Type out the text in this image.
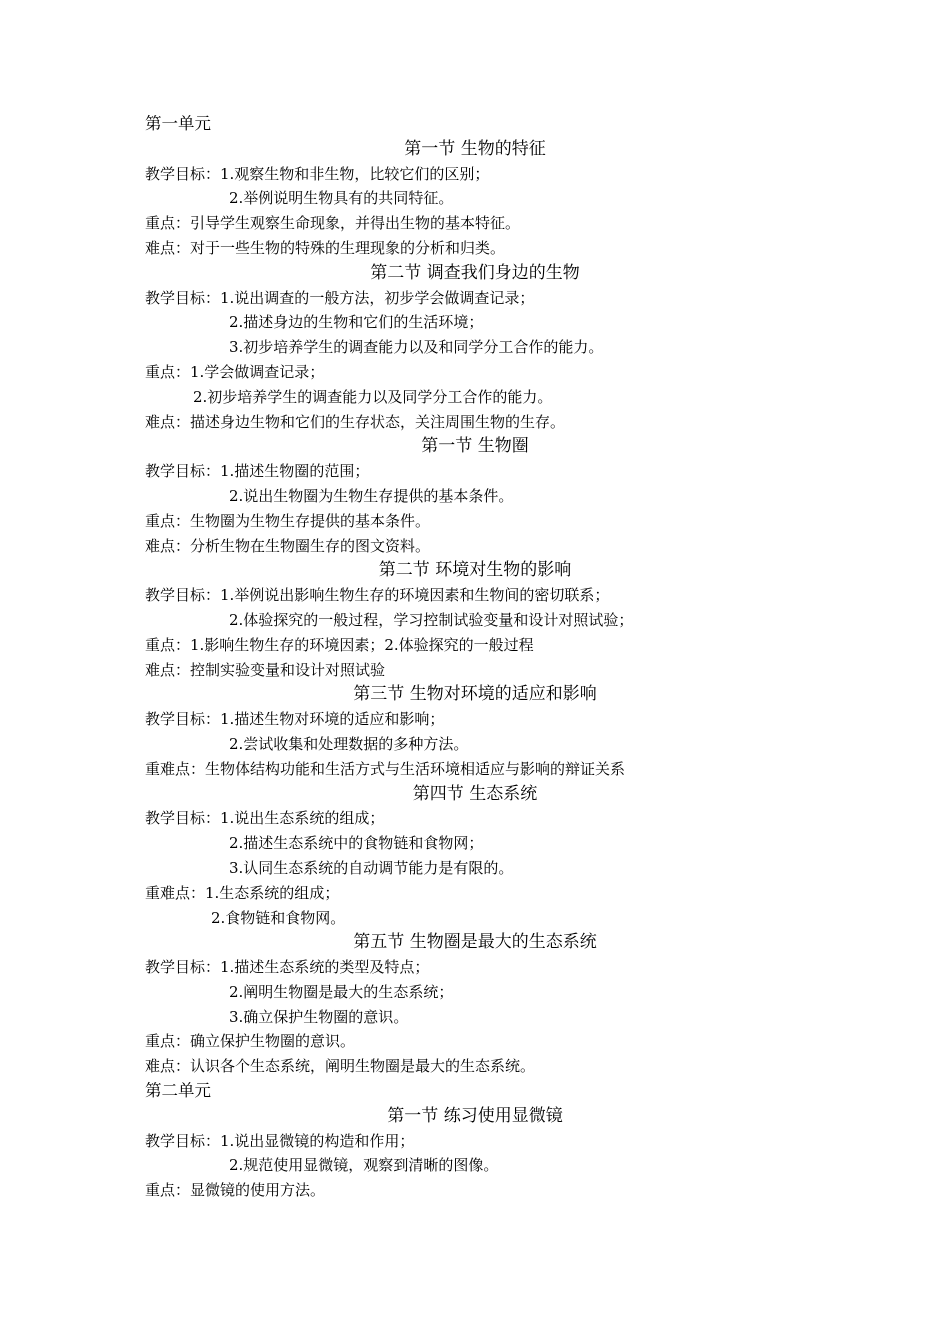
第一单元
第一节 生物的特征
教学目标：1.观察生物和非生物，比较它们的区别；
2.举例说明生物具有的共同特征。
重点：引导学生观察生命现象，并得出生物的基本特征。
难点：对于一些生物的特殊的生理现象的分析和归类。
第二节 调查我们身边的生物
教学目标：1.说出调查的一般方法，初步学会做调查记录；
2.描述身边的生物和它们的生活环境；
3.初步培养学生的调查能力以及和同学分工合作的能力。
重点：1.学会做调查记录；
2.初步培养学生的调查能力以及同学分工合作的能力。
难点：描述身边生物和它们的生存状态，关注周围生物的生存。
第一节 生物圈
教学目标：1.描述生物圈的范围；
2.说出生物圈为生物生存提供的基本条件。
重点：生物圈为生物生存提供的基本条件。
难点：分析生物在生物圈生存的图文资料。
第二节 环境对生物的影响
教学目标：1.举例说出影响生物生存的环境因素和生物间的密切联系；
2.体验探究的一般过程，学习控制试验变量和设计对照试验；
重点：1.影响生物生存的环境因素；2.体验探究的一般过程
难点：控制实验变量和设计对照试验
第三节 生物对环境的适应和影响
教学目标：1.描述生物对环境的适应和影响；
2.尝试收集和处理数据的多种方法。
重难点：生物体结构功能和生活方式与生活环境相适应与影响的辩证关系
第四节 生态系统
教学目标：1.说出生态系统的组成；
2.描述生态系统中的食物链和食物网；
3.认同生态系统的自动调节能力是有限的。
重难点：1.生态系统的组成；
2.食物链和食物网。
第五节 生物圈是最大的生态系统
教学目标：1.描述生态系统的类型及特点；
2.阐明生物圈是最大的生态系统；
3.确立保护生物圈的意识。
重点：确立保护生物圈的意识。
难点：认识各个生态系统，阐明生物圈是最大的生态系统。
第二单元
第一节 练习使用显微镜
教学目标：1.说出显微镜的构造和作用；
2.规范使用显微镜，观察到清晰的图像。
重点：显微镜的使用方法。
